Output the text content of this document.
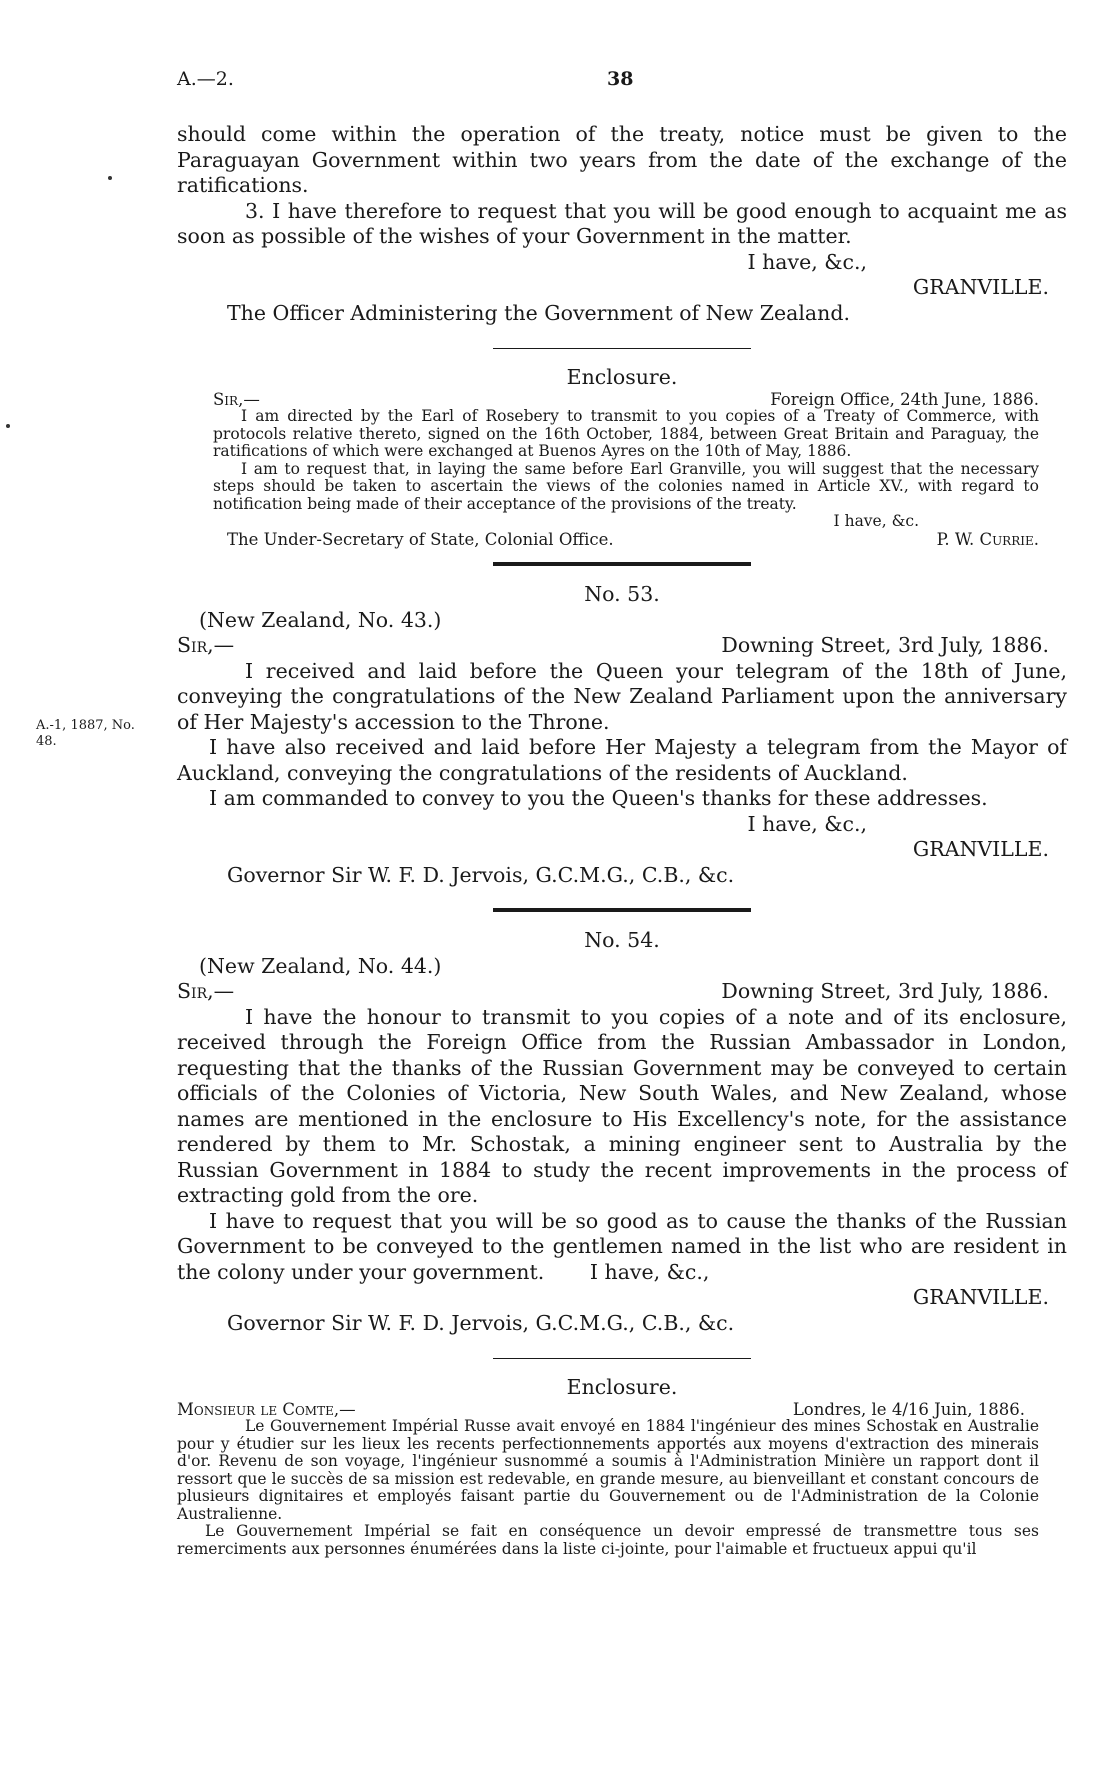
A.—2.	38
A.-1, 1887, No. 48.

should come within the operation of the treaty, notice must be given to the Paraguayan Government within two years from the date of the exchange of the ratifications.

3. I have therefore to request that you will be good enough to acquaint me as soon as possible of the wishes of your Government in the matter.

I have, &c.,

GRANVILLE.

The Officer Administering the Government of New Zealand.

Enclosure.

Sir,—	Foreign Office, 24th June, 1886.

I am directed by the Earl of Rosebery to transmit to you copies of a Treaty of Commerce, with protocols relative thereto, signed on the 16th October, 1884, between Great Britain and Paraguay, the ratifications of which were exchanged at Buenos Ayres on the 10th of May, 1886.

I am to request that, in laying the same before Earl Granville, you will suggest that the necessary steps should be taken to ascertain the views of the colonies named in Article XV., with regard to notification being made of their acceptance of the provisions of the treaty.

I have, &c.

The Under-Secretary of State, Colonial Office.	P. W. Currie.

No. 53.

(New Zealand, No. 43.)

Sir,—	Downing Street, 3rd July, 1886.

I received and laid before the Queen your telegram of the 18th of June, conveying the congratulations of the New Zealand Parliament upon the anniversary of Her Majesty's accession to the Throne.

I have also received and laid before Her Majesty a telegram from the Mayor of Auckland, conveying the congratulations of the residents of Auckland.

I am commanded to convey to you the Queen's thanks for these addresses.

I have, &c.,

GRANVILLE.

Governor Sir W. F. D. Jervois, G.C.M.G., C.B., &c.

No. 54.

(New Zealand, No. 44.)

Sir,—	Downing Street, 3rd July, 1886.

I have the honour to transmit to you copies of a note and of its enclosure, received through the Foreign Office from the Russian Ambassador in London, requesting that the thanks of the Russian Government may be conveyed to certain officials of the Colonies of Victoria, New South Wales, and New Zealand, whose names are mentioned in the enclosure to His Excellency's note, for the assistance rendered by them to Mr. Schostak, a mining engineer sent to Australia by the Russian Government in 1884 to study the recent improvements in the process of extracting gold from the ore.

I have to request that you will be so good as to cause the thanks of the Russian Government to be conveyed to the gentlemen named in the list who are resident in the colony under your government. I have, &c.,

GRANVILLE.

Governor Sir W. F. D. Jervois, G.C.M.G., C.B., &c.

Enclosure.

Monsieur le Comte,—	Londres, le 4/16 Juin, 1886.

Le Gouvernement Impérial Russe avait envoyé en 1884 l'ingénieur des mines Schostak en Australie pour y étudier sur les lieux les recents perfectionnements apportés aux moyens d'extraction des minerais d'or. Revenu de son voyage, l'ingénieur susnommé a soumis à l'Administration Minière un rapport dont il ressort que le succès de sa mission est redevable, en grande mesure, au bienveillant et constant concours de plusieurs dignitaires et employés faisant partie du Gouvernement ou de l'Administration de la Colonie Australienne.

Le Gouvernement Impérial se fait en conséquence un devoir empressé de transmettre tous ses remerciments aux personnes énumérées dans la liste ci-jointe, pour l'aimable et fructueux appui qu'il
